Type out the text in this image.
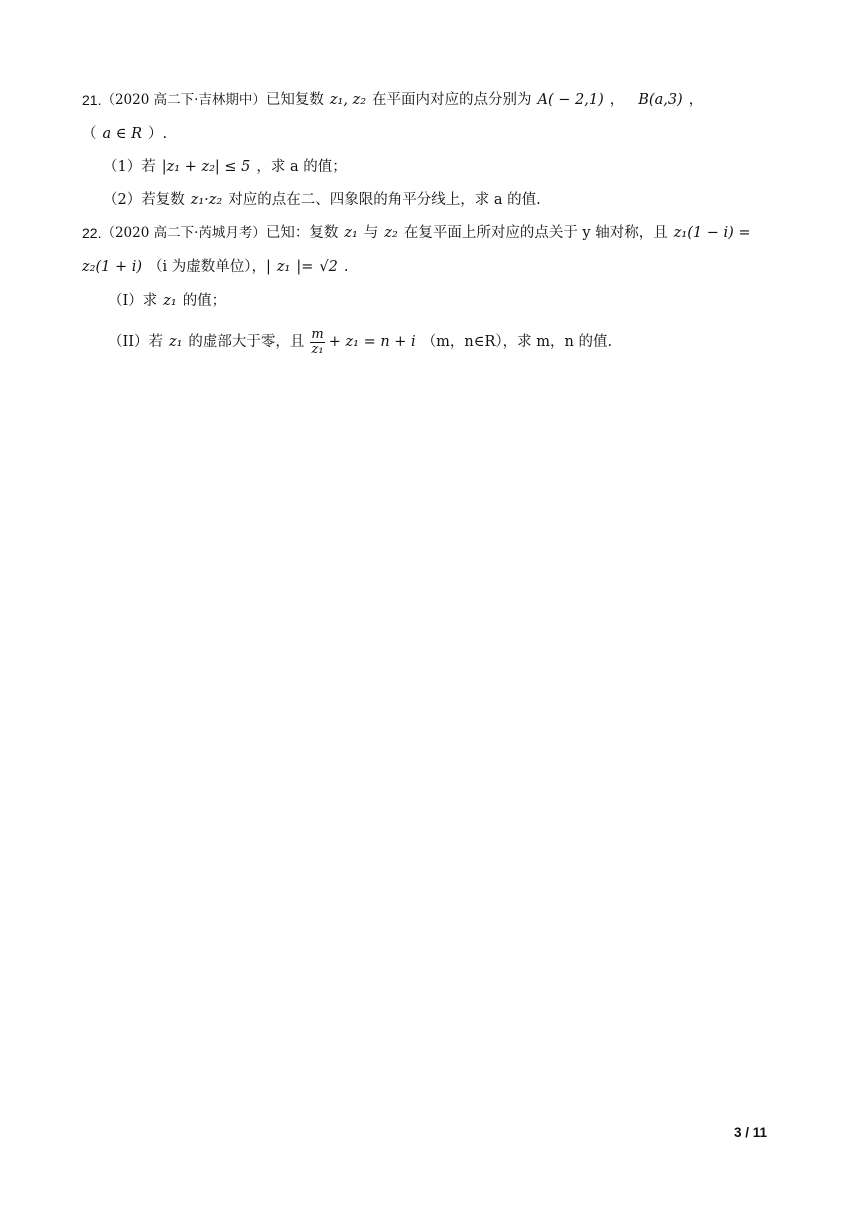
21. （2020 高二下·吉林期中） 已知复数 z₁, z₂ 在平面内对应的点分别为 A( − 2,1) ， B(a,3) ，
（ a ∈ R ）.
（1）若 |z₁ + z₂| ≤ 5 ，求 a 的值；
（2）若复数 z₁·z₂ 对应的点在二、四象限的角平分线上，求 a 的值.
22. （2020 高二下·芮城月考） 已知：复数 z₁ 与 z₂ 在复平面上所对应的点关于 y 轴对称，且 z₁(1 − i) =
z₂(1 + i) （i 为虚数单位），| z₁ |= √2 .
（I）求 z₁ 的值；
（II）若 z₁ 的虚部大于零，且 $\frac{m}{\text{z₁}} + z_1 = n + i$ （m，n∈R），求 m，n 的值.
3 / 11
